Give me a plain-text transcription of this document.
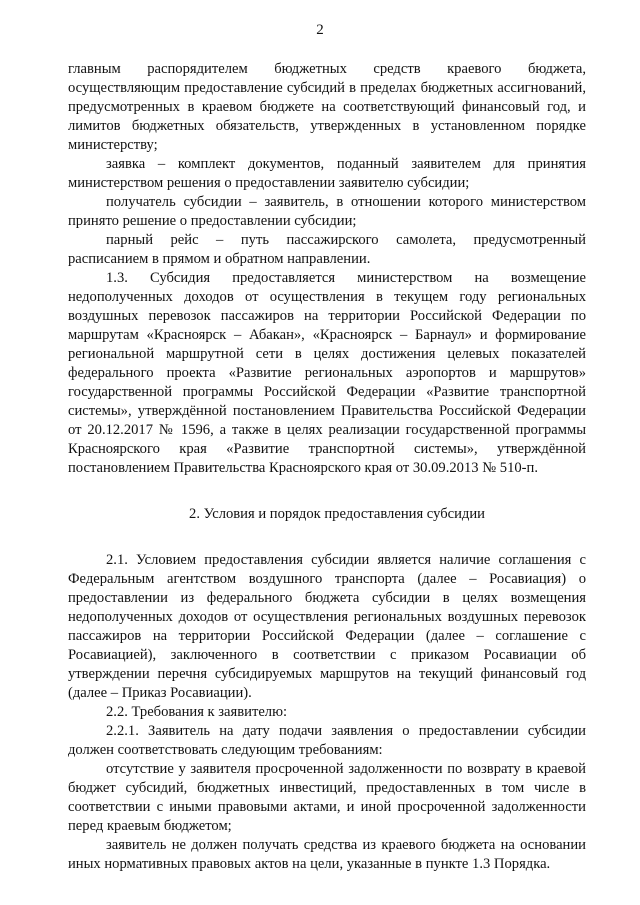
2

главным распорядителем бюджетных средств краевого бюджета, осуществляющим предоставление субсидий в пределах бюджетных ассигнований, предусмотренных в краевом бюджете на соответствующий финансовый год, и лимитов бюджетных обязательств, утвержденных в установленном порядке министерству;

заявка – комплект документов, поданный заявителем для принятия министерством решения о предоставлении заявителю субсидии;

получатель субсидии – заявитель, в отношении которого министерством принято решение о предоставлении субсидии;

парный рейс – путь пассажирского самолета, предусмотренный расписанием в прямом и обратном направлении.

1.3. Субсидия предоставляется министерством на возмещение недополученных доходов от осуществления в текущем году региональных воздушных перевозок пассажиров на территории Российской Федерации по маршрутам «Красноярск – Абакан», «Красноярск – Барнаул» и формирование региональной маршрутной сети в целях достижения целевых показателей федерального проекта «Развитие региональных аэропортов и маршрутов» государственной программы Российской Федерации «Развитие транспортной системы», утверждённой постановлением Правительства Российской Федерации от 20.12.2017 № 1596, а также в целях реализации государственной программы Красноярского края «Развитие транспортной системы», утверждённой постановлением Правительства Красноярского края от 30.09.2013 № 510-п.

2. Условия и порядок предоставления субсидии

2.1. Условием предоставления субсидии является наличие соглашения с Федеральным агентством воздушного транспорта (далее – Росавиация) о предоставлении из федерального бюджета субсидии в целях возмещения недополученных доходов от осуществления региональных воздушных перевозок пассажиров на территории Российской Федерации (далее – соглашение с Росавиацией), заключенного в соответствии с приказом Росавиации об утверждении перечня субсидируемых маршрутов на текущий финансовый год (далее – Приказ Росавиации).

2.2. Требования к заявителю:

2.2.1. Заявитель на дату подачи заявления о предоставлении субсидии должен соответствовать следующим требованиям:

отсутствие у заявителя просроченной задолженности по возврату в краевой бюджет субсидий, бюджетных инвестиций, предоставленных в том числе в соответствии с иными правовыми актами, и иной просроченной задолженности перед краевым бюджетом;

заявитель не должен получать средства из краевого бюджета на основании иных нормативных правовых актов на цели, указанные в пункте 1.3 Порядка.
